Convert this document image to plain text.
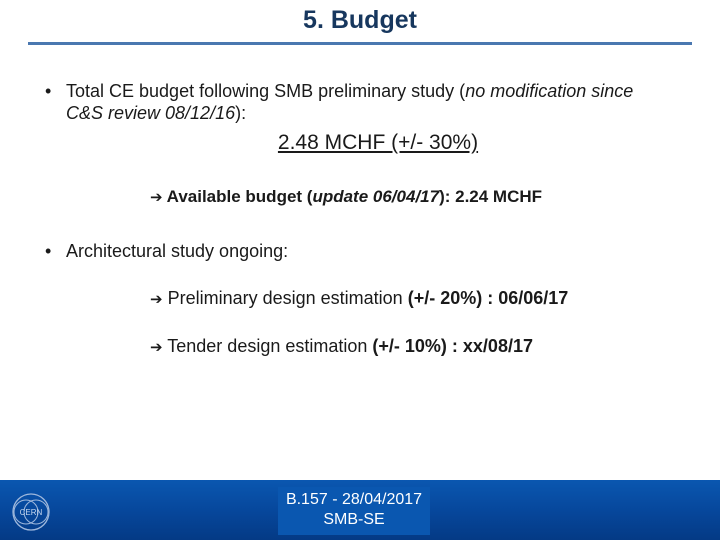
5. Budget
• Total CE budget following SMB preliminary study (no modification since
C&S review 08/12/16):
2.48 MCHF (+/- 30%)
➔ Available budget (update 06/04/17): 2.24 MCHF
• Architectural study ongoing:
➔ Preliminary design estimation (+/- 20%) : 06/06/17
➔ Tender design estimation (+/- 10%) : xx/08/17
CERN
B.157 - 28/04/2017
SMB-SE
